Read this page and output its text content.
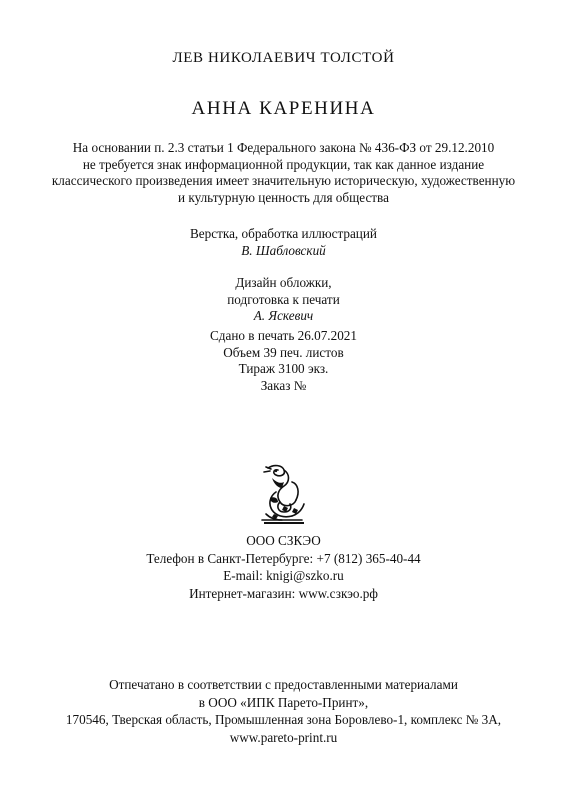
ЛЕВ НИКОЛАЕВИЧ ТОЛСТОЙ
АННА КАРЕНИНА
На основании п. 2.3 статьи 1 Федерального закона № 436-ФЗ от 29.12.2010
не требуется знак информационной продукции, так как данное издание
классического произведения имеет значительную историческую, художественную
и культурную ценность для общества
Верстка, обработка иллюстраций
В. Шабловский
Дизайн обложки,
подготовка к печати
А. Яскевич
Сдано в печать 26.07.2021
Объем 39 печ. листов
Тираж 3100 экз.
Заказ №
ООО СЗКЭО
Телефон в Санкт-Петербурге: +7 (812) 365-40-44
E-mail: knigi@szko.ru
Интернет-магазин: www.сзкэо.рф
Отпечатано в соответствии с предоставленными материалами
в ООО «ИПК Парето-Принт»,
170546, Тверская область, Промышленная зона Боровлево-1, комплекс № 3А,
www.pareto-print.ru
